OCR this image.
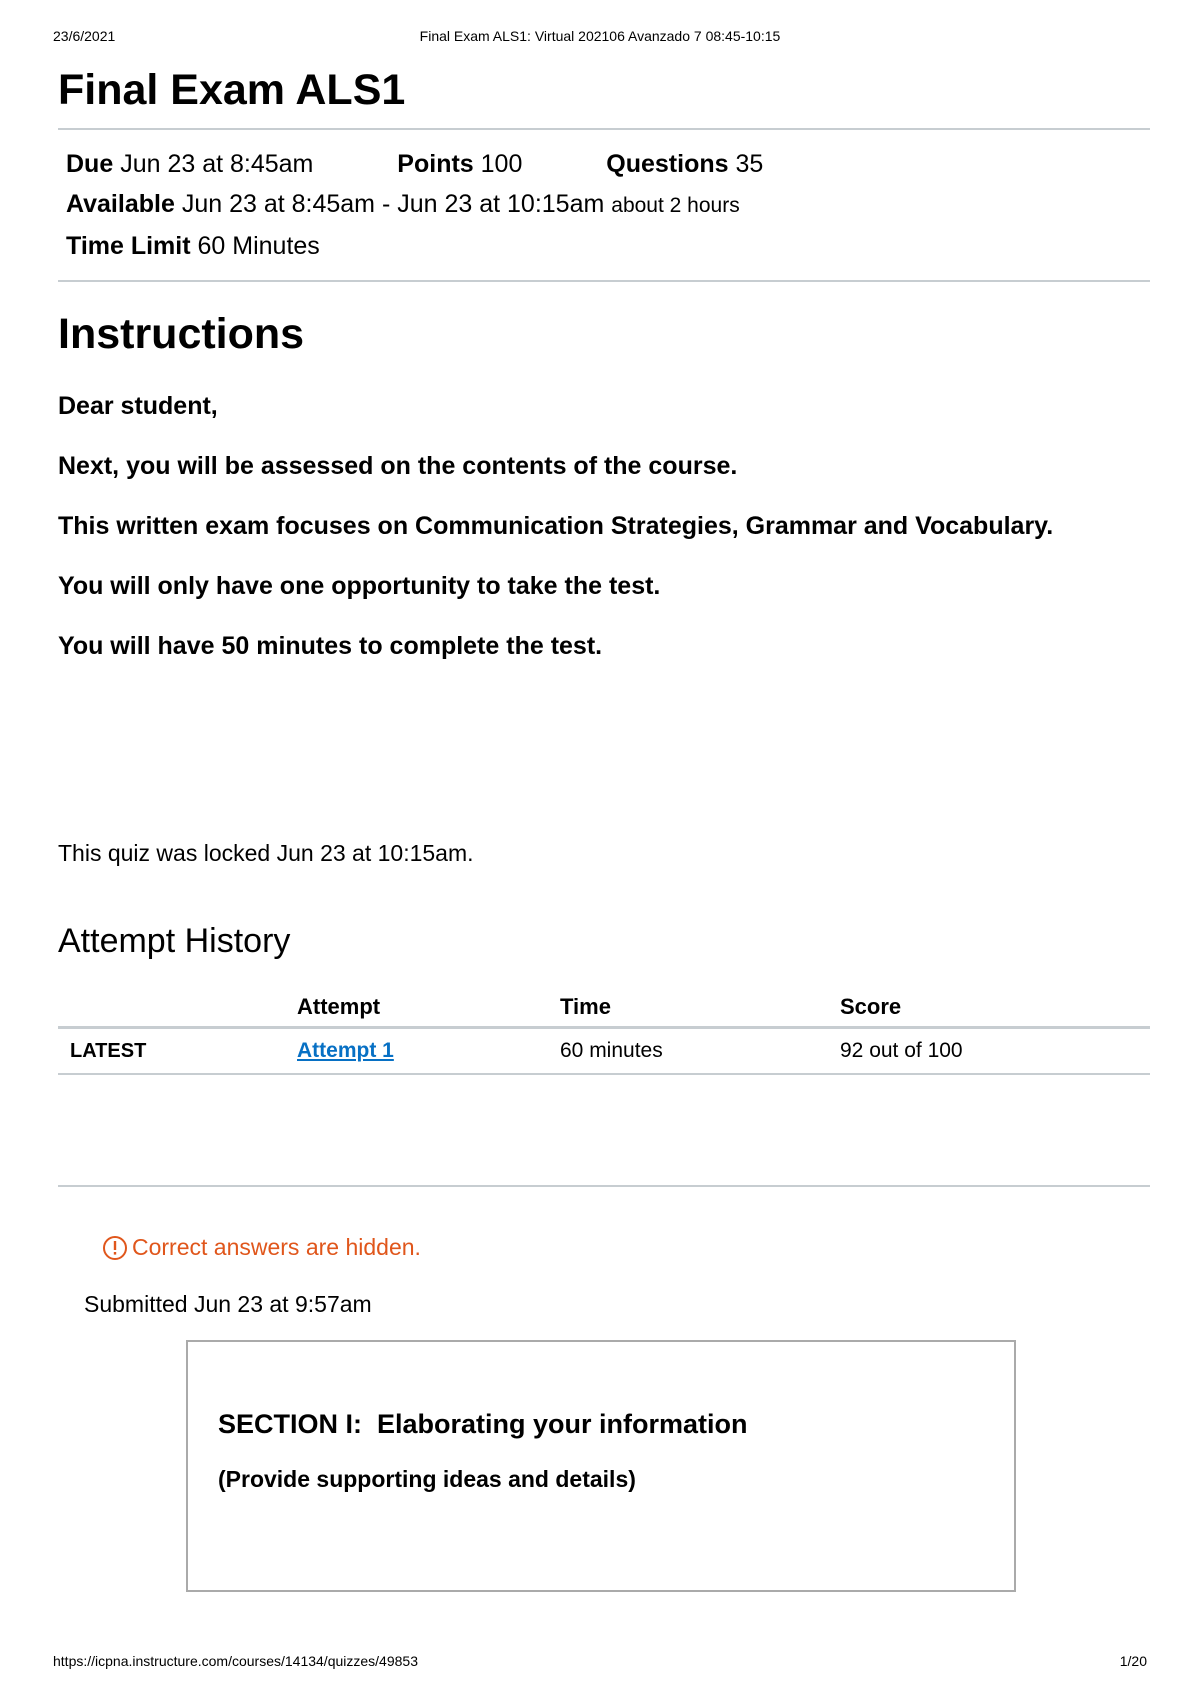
23/6/2021	Final Exam ALS1: Virtual 202106 Avanzado 7 08:45-10:15
Final Exam ALS1
Due Jun 23 at 8:45am	Points 100	Questions 35
Available Jun 23 at 8:45am - Jun 23 at 10:15am about 2 hours
Time Limit 60 Minutes
Instructions

Dear student,

Next, you will be assessed on the contents of the course.

This written exam focuses on Communication Strategies, Grammar and Vocabulary.

You will only have one opportunity to take the test.

You will have 50 minutes to complete the test.

This quiz was locked Jun 23 at 10:15am.

Attempt History
	Attempt	Time	Score
LATEST	Attempt 1	60 minutes	92 out of 100
Correct answers are hidden.

Submitted Jun 23 at 9:57am

SECTION I:  Elaborating your information

(Provide supporting ideas and details)

https://icpna.instructure.com/courses/14134/quizzes/49853	1/20
